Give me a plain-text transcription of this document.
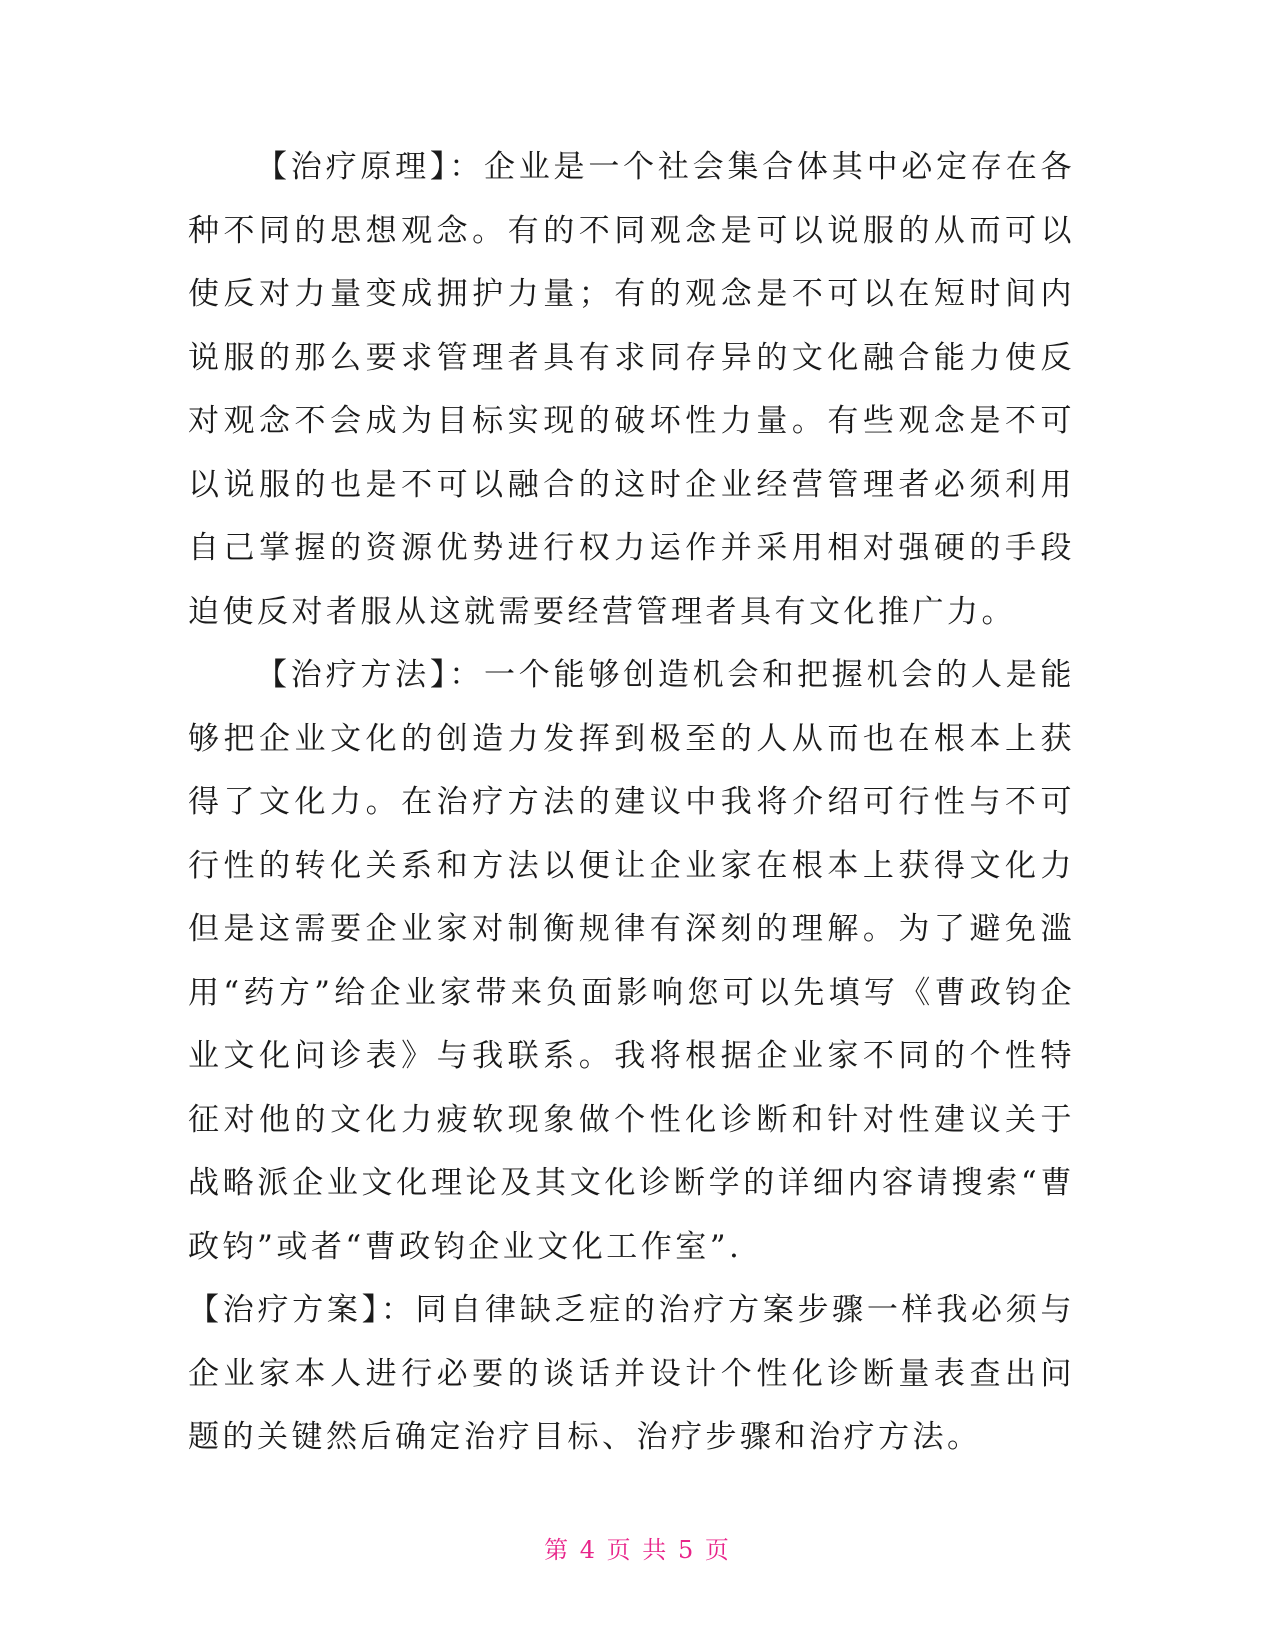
【治疗原理】：企业是一个社会集合体其中必定存在各种不同的思想观念。有的不同观念是可以说服的从而可以使反对力量变成拥护力量；有的观念是不可以在短时间内说服的那么要求管理者具有求同存异的文化融合能力使反对观念不会成为目标实现的破坏性力量。有些观念是不可以说服的也是不可以融合的这时企业经营管理者必须利用自己掌握的资源优势进行权力运作并采用相对强硬的手段迫使反对者服从这就需要经营管理者具有文化推广力。

【治疗方法】：一个能够创造机会和把握机会的人是能够把企业文化的创造力发挥到极至的人从而也在根本上获得了文化力。在治疗方法的建议中我将介绍可行性与不可行性的转化关系和方法以便让企业家在根本上获得文化力但是这需要企业家对制衡规律有深刻的理解。为了避免滥用“药方”给企业家带来负面影响您可以先填写《曹政钧企业文化问诊表》与我联系。我将根据企业家不同的个性特征对他的文化力疲软现象做个性化诊断和针对性建议关于战略派企业文化理论及其文化诊断学的详细内容请搜索“曹政钧”或者“曹政钧企业文化工作室”.

【治疗方案】：同自律缺乏症的治疗方案步骤一样我必须与企业家本人进行必要的谈话并设计个性化诊断量表查出问题的关键然后确定治疗目标、治疗步骤和治疗方法。

第 4 页 共 5 页
